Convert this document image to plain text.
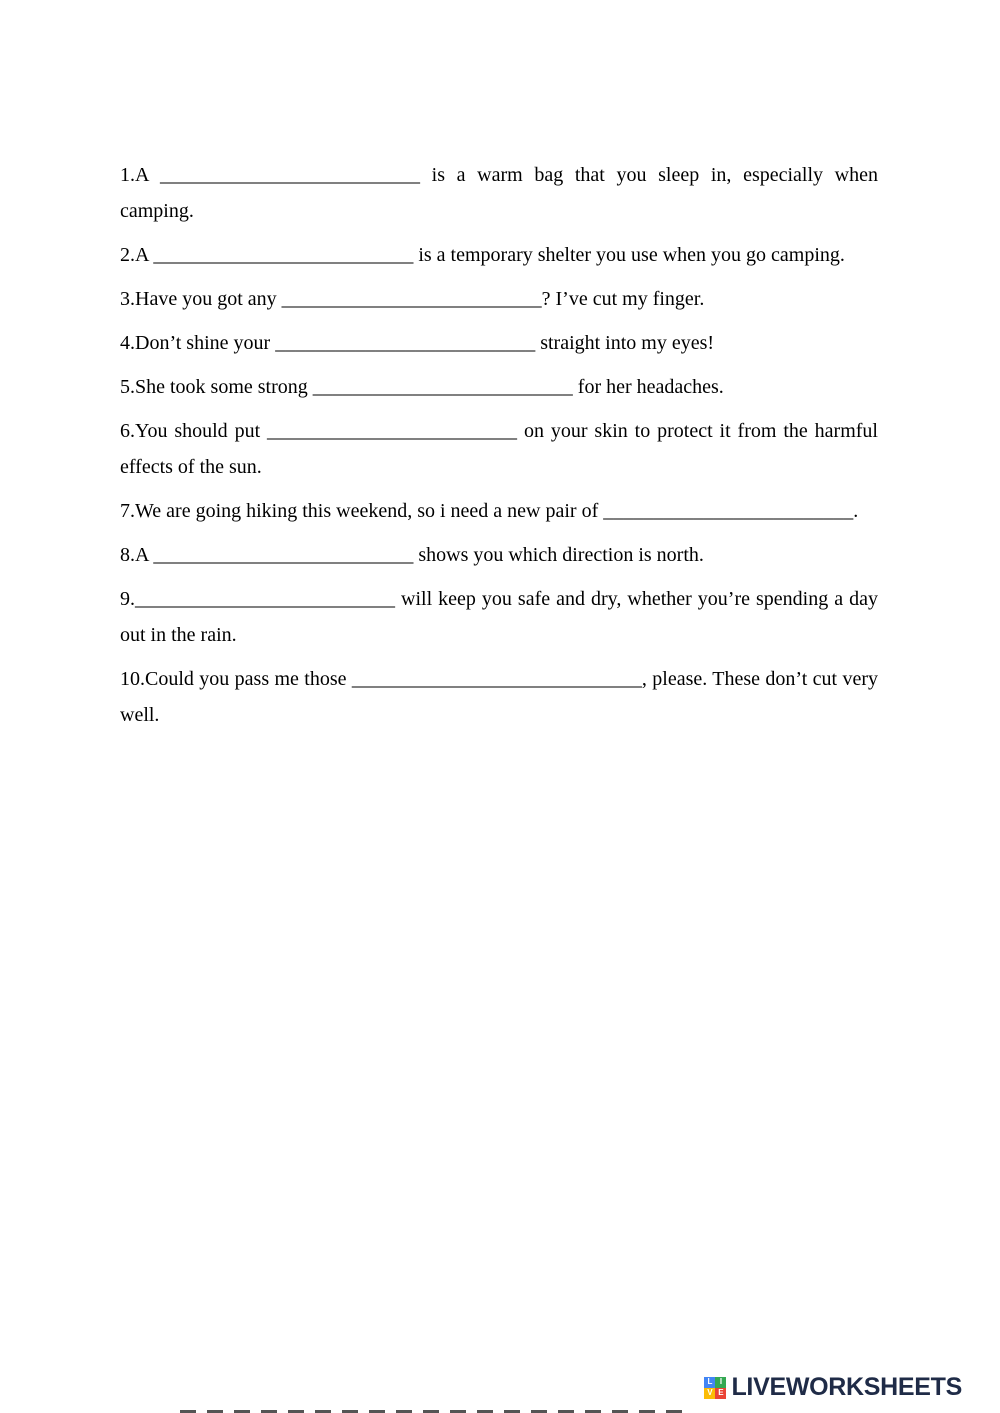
1.A __________________________ is a warm bag that you sleep in, especially when camping.

2.A __________________________ is a temporary shelter you use when you go camping.

3.Have you got any __________________________? I’ve cut my finger.

4.Don’t shine your __________________________ straight into my eyes!

5.She took some strong __________________________ for her headaches.

6.You should put _________________________ on your skin to protect it from the harmful effects of the sun.

7.We are going hiking this weekend, so i need a new pair of _________________________.

8.A __________________________ shows you which direction is north.

9.__________________________ will keep you safe and dry, whether you’re spending a day out in the rain.

10.Could you pass me those _____________________________, please. These don’t cut very well.

L I
V E LIVEWORKSHEETS
